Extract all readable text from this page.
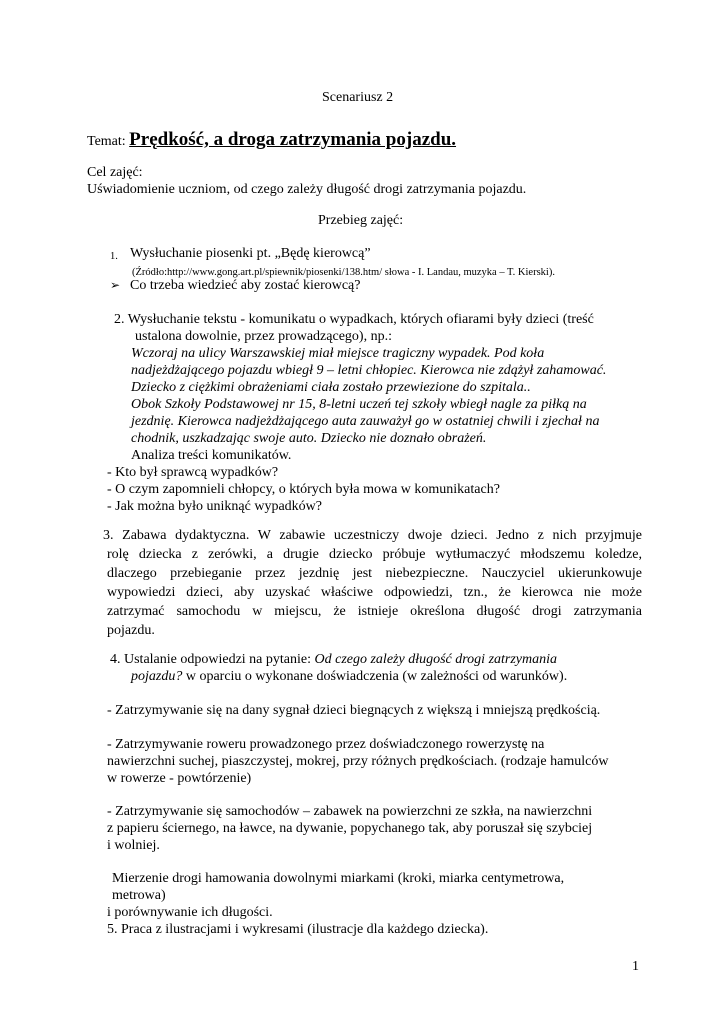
Scenariusz 2
Temat: Prędkość, a droga zatrzymania pojazdu.
Cel zajęć:
Uświadomienie uczniom, od czego zależy długość drogi zatrzymania pojazdu.
Przebieg zajęć:
1. Wysłuchanie piosenki pt. „Będę kierowcą”
(Źródło:http://www.gong.art.pl/spiewnik/piosenki/138.htm/ słowa - I. Landau, muzyka – T. Kierski).
➢ Co trzeba wiedzieć aby zostać kierowcą?
2. Wysłuchanie tekstu - komunikatu o wypadkach, których ofiarami były dzieci (treść
ustalona dowolnie, przez prowadzącego), np.:
Wczoraj na ulicy Warszawskiej miał miejsce tragiczny wypadek. Pod koła
nadjeżdżającego pojazdu wbiegł 9 – letni chłopiec. Kierowca nie zdążył zahamować.
Dziecko z ciężkimi obrażeniami ciała zostało przewiezione do szpitala..
Obok Szkoły Podstawowej nr 15, 8-letni uczeń tej szkoły wbiegł nagle za piłką na
jezdnię. Kierowca nadjeżdżającego auta zauważył go w ostatniej chwili i zjechał na
chodnik, uszkadzając swoje auto. Dziecko nie doznało obrażeń.
Analiza treści komunikatów.
- Kto był sprawcą wypadków?
- O czym zapomnieli chłopcy, o których była mowa w komunikatach?
- Jak można było uniknąć wypadków?
3. Zabawa dydaktyczna. W zabawie uczestniczy dwoje dzieci. Jedno z nich przyjmuje
rolę dziecka z zerówki, a drugie dziecko próbuje wytłumaczyć młodszemu koledze,
dlaczego przebieganie przez jezdnię jest niebezpieczne. Nauczyciel ukierunkowuje
wypowiedzi dzieci, aby uzyskać właściwe odpowiedzi, tzn., że kierowca nie może
zatrzymać samochodu w miejscu, że istnieje określona długość drogi zatrzymania
pojazdu.
4. Ustalanie odpowiedzi na pytanie: Od czego zależy długość drogi zatrzymania
pojazdu? w oparciu o wykonane doświadczenia (w zależności od warunków).
- Zatrzymywanie się na dany sygnał dzieci biegnących z większą i mniejszą prędkością.
- Zatrzymywanie roweru prowadzonego przez doświadczonego rowerzystę na
nawierzchni suchej, piaszczystej, mokrej, przy różnych prędkościach. (rodzaje hamulców
w rowerze - powtórzenie)
- Zatrzymywanie się samochodów – zabawek na powierzchni ze szkła, na nawierzchni
z papieru ściernego, na ławce, na dywanie, popychanego tak, aby poruszał się szybciej
i wolniej.
Mierzenie drogi hamowania dowolnymi miarkami (kroki, miarka centymetrowa,
metrowa)
i porównywanie ich długości.
5. Praca z ilustracjami i wykresami (ilustracje dla każdego dziecka).
1
